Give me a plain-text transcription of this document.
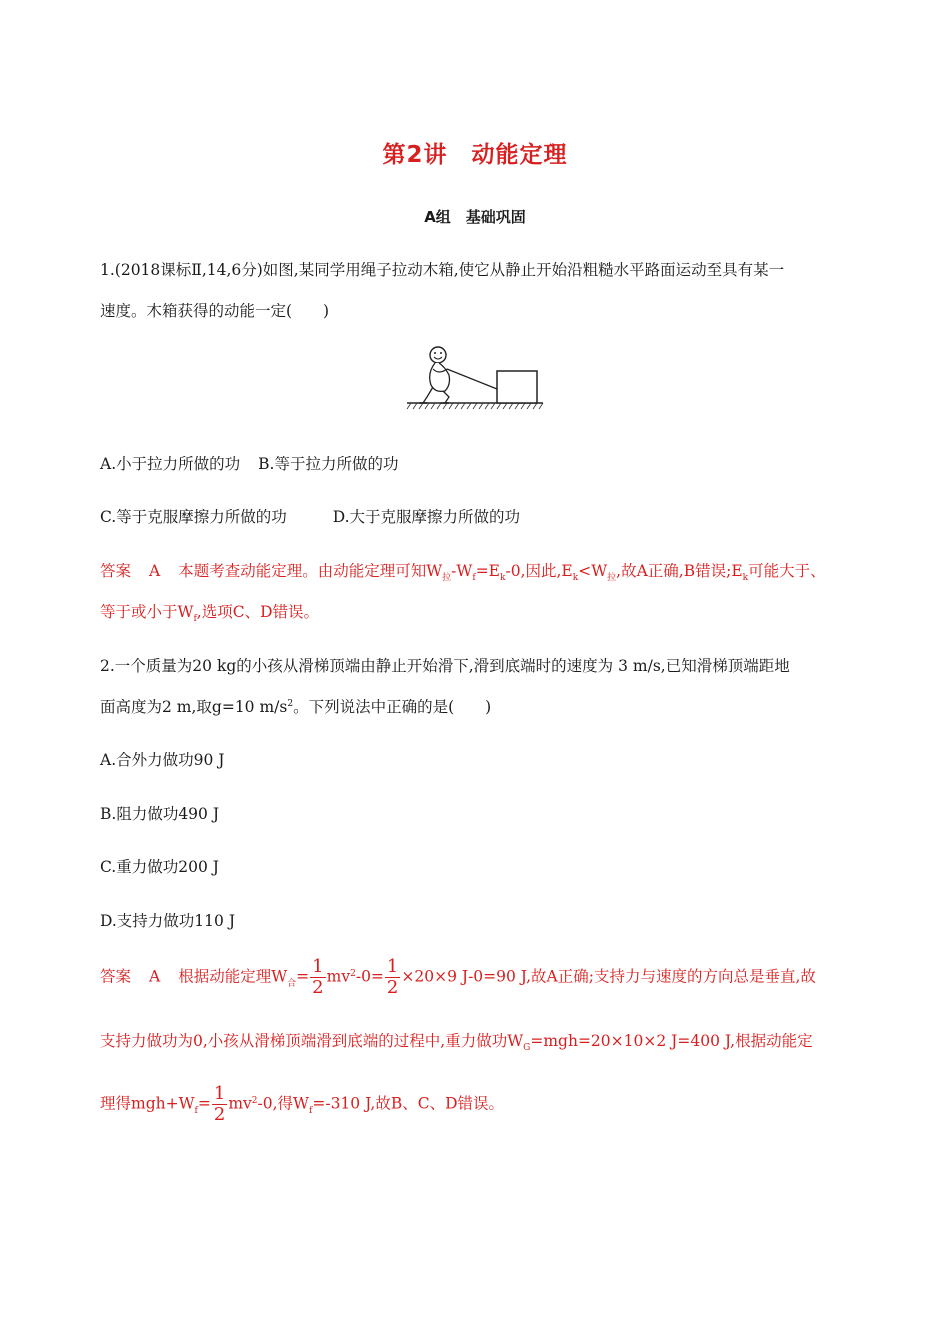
第2讲　动能定理
A组　基础巩固
1.(2018课标Ⅱ,14,6分)如图,某同学用绳子拉动木箱,使它从静止开始沿粗糙水平路面运动至具有某一
速度。木箱获得的动能一定(　　)
A.小于拉力所做的功 B.等于拉力所做的功
C.等于克服摩擦力所做的功	D.大于克服摩擦力所做的功
答案 A 本题考查动能定理。由动能定理可知$W_拉-W_f=E_k-0$,因此$,E_k<W_拉$,故A正确,B错误$;E_k$可能大于、
等于或小于$W_f$,选项C、D错误。
2.一个质量为20 kg的小孩从滑梯顶端由静止开始滑下,滑到底端时的速度为 3 m/s,已知滑梯顶端距地
面高度为2 m,取g=10 $m/s^2$。下列说法中正确的是(　　)
A.合外力做功90 J
B.阻力做功490 J
C.重力做功200 J
D.支持力做功110 J
答案 A 根据动能定理$W_合= \frac{1}{2} mv^2-0= \frac{1}{2} \times 20\times 9$ J-0=90 J,故A正确;支持力与速度的方向总是垂直,故
支持力做功为0,小孩从滑梯顶端滑到底端的过程中,重力做功$W_G=mgh=20\times 10\times 2$ J=400 J,根据动能定
理得$mgh+W_f= \frac{1}{2} mv^2-0$,得$W_f=-310$ J,故B、C、D错误。
